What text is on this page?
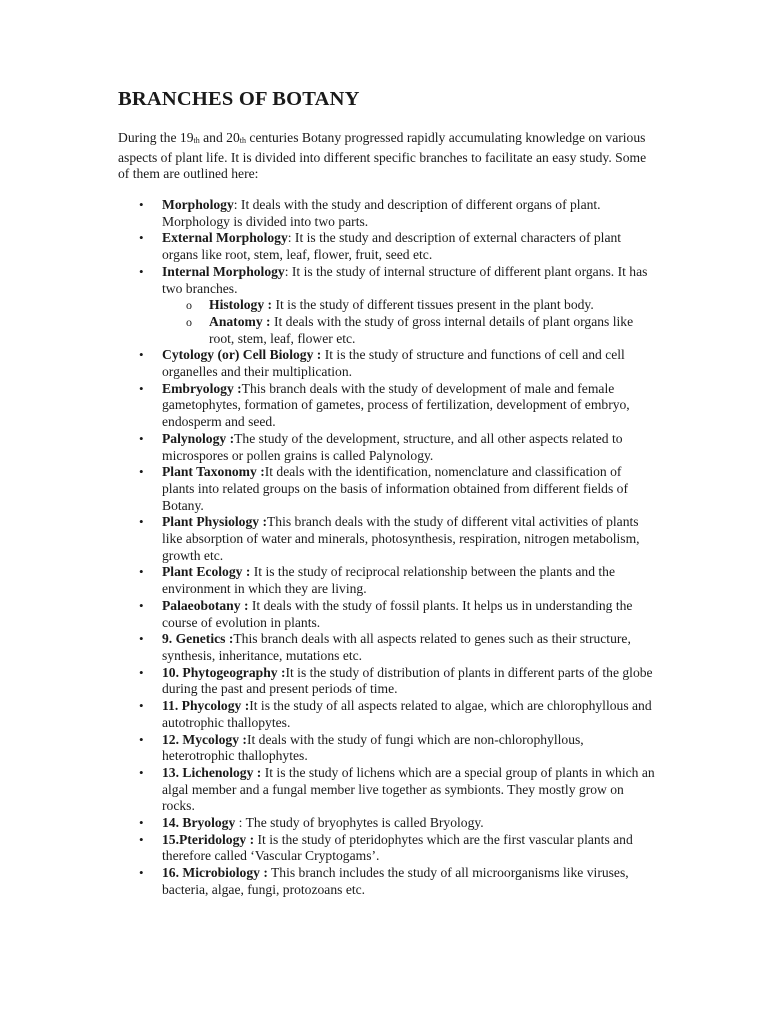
BRANCHES OF BOTANY

During the $19_{th}$ and $20_{th}$ centuries Botany progressed rapidly accumulating knowledge on various aspects of plant life. It is divided into different specific branches to facilitate an easy study. Some of them are outlined here:

• Morphology: It deals with the study and description of different organs of plant. Morphology is divided into two parts.
• External Morphology: It is the study and description of external characters of plant organs like root, stem, leaf, flower, fruit, seed etc.
• Internal Morphology: It is the study of internal structure of different plant organs. It has two branches.
o Histology : It is the study of different tissues present in the plant body.
o Anatomy : It deals with the study of gross internal details of plant organs like root, stem, leaf, flower etc.
• Cytology (or) Cell Biology : It is the study of structure and functions of cell and cell organelles and their multiplication.
• Embryology :This branch deals with the study of development of male and female gametophytes, formation of gametes, process of fertilization, development of embryo, endosperm and seed.
• Palynology :The study of the development, structure, and all other aspects related to microspores or pollen grains is called Palynology.
• Plant Taxonomy :It deals with the identification, nomenclature and classification of plants into related groups on the basis of information obtained from different fields of Botany.
• Plant Physiology :This branch deals with the study of different vital activities of plants like absorption of water and minerals, photosynthesis, respiration, nitrogen metabolism, growth etc.
• Plant Ecology : It is the study of reciprocal relationship between the plants and the environment in which they are living.
• Palaeobotany : It deals with the study of fossil plants. It helps us in understanding the course of evolution in plants.
• 9. Genetics :This branch deals with all aspects related to genes such as their structure, synthesis, inheritance, mutations etc.
• 10. Phytogeography :It is the study of distribution of plants in different parts of the globe during the past and present periods of time.
• 11. Phycology :It is the study of all aspects related to algae, which are chlorophyllous and autotrophic thallopytes.
• 12. Mycology :It deals with the study of fungi which are non-chlorophyllous, heterotrophic thallophytes.
• 13. Lichenology : It is the study of lichens which are a special group of plants in which an algal member and a fungal member live together as symbionts. They mostly grow on rocks.
• 14. Bryology : The study of bryophytes is called Bryology.
• 15.Pteridology : It is the study of pteridophytes which are the first vascular plants and therefore called ‘Vascular Cryptogams’.
• 16. Microbiology : This branch includes the study of all microorganisms like viruses, bacteria, algae, fungi, protozoans etc.
